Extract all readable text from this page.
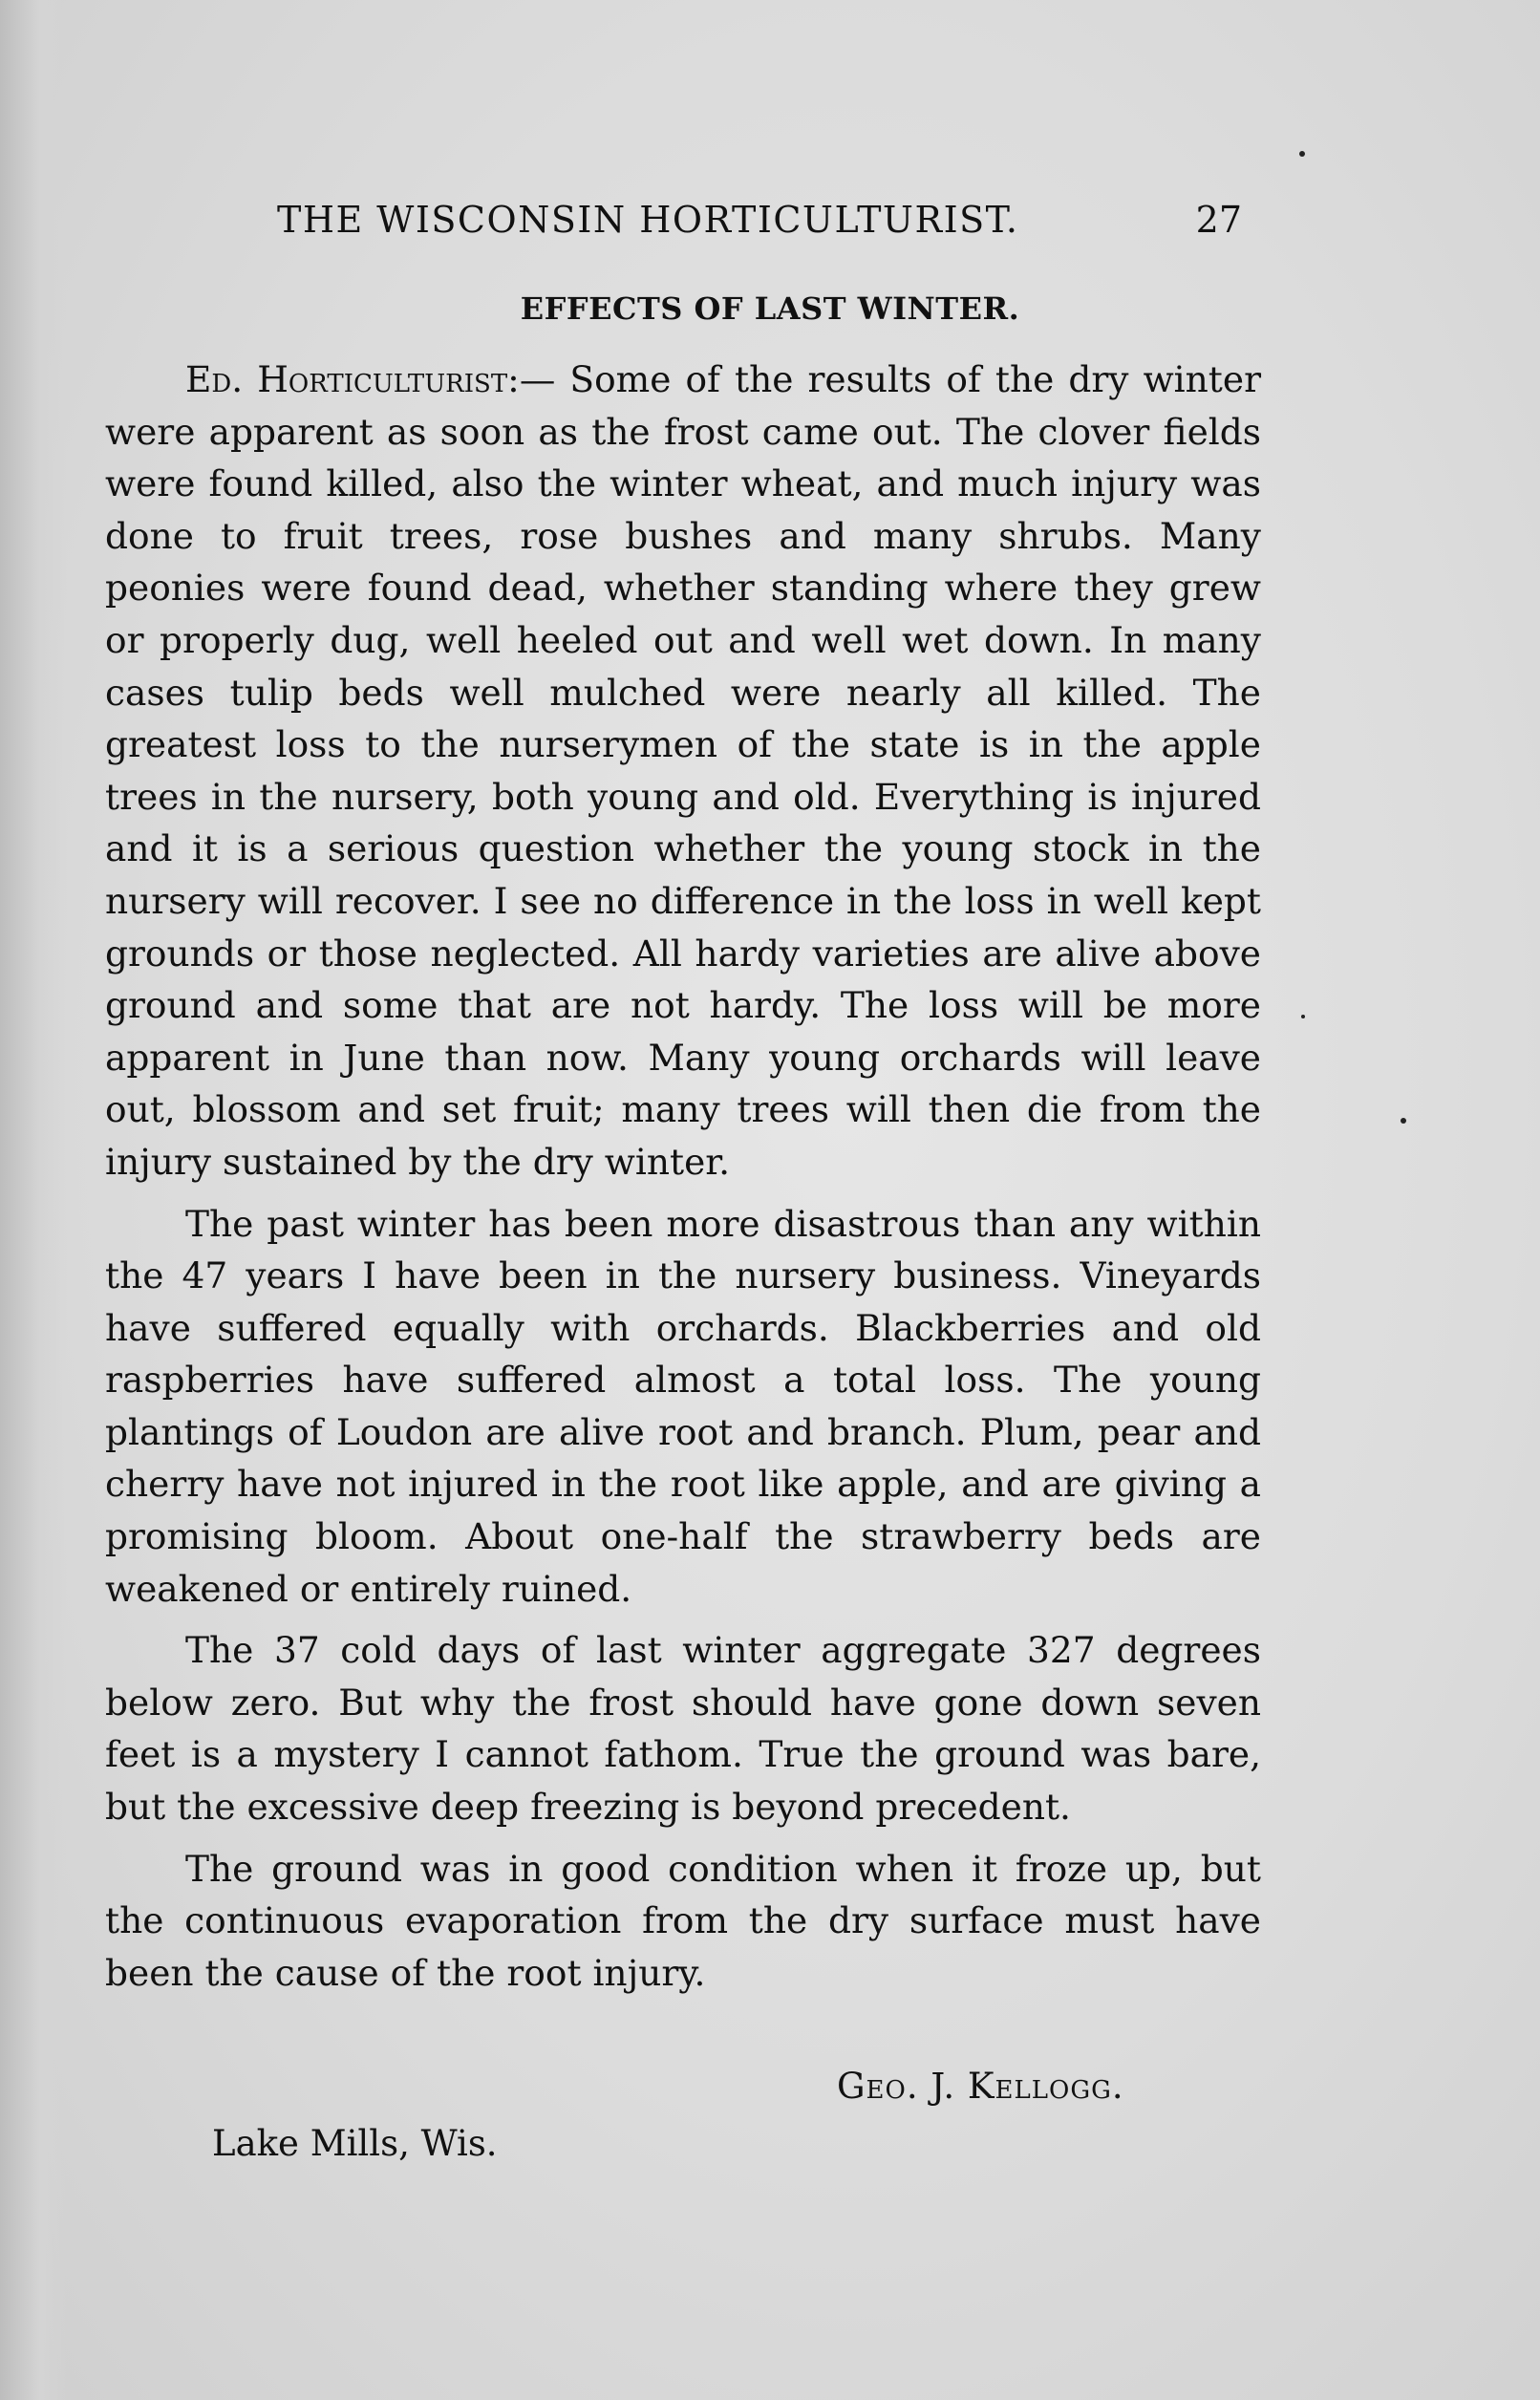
THE WISCONSIN HORTICULTURIST.	27
EFFECTS OF LAST WINTER.

Ed. Horticulturist:— Some of the results of the dry winter were apparent as soon as the frost came out. The clover fields were found killed, also the winter wheat, and much injury was done to fruit trees, rose bushes and many shrubs. Many peonies were found dead, whether standing where they grew or properly dug, well heeled out and well wet down. In many cases tulip beds well mulched were nearly all killed. The greatest loss to the nurserymen of the state is in the apple trees in the nursery, both young and old. Everything is injured and it is a serious question whether the young stock in the nursery will recover. I see no difference in the loss in well kept grounds or those neglected. All hardy varieties are alive above ground and some that are not hardy. The loss will be more apparent in June than now. Many young orchards will leave out, blossom and set fruit; many trees will then die from the injury sustained by the dry winter.

The past winter has been more disastrous than any within the 47 years I have been in the nursery business. Vineyards have suffered equally with orchards. Blackberries and old raspberries have suffered almost a total loss. The young plantings of Loudon are alive root and branch. Plum, pear and cherry have not injured in the root like apple, and are giving a promising bloom. About one-half the strawberry beds are weakened or entirely ruined.

The 37 cold days of last winter aggregate 327 degrees below zero. But why the frost should have gone down seven feet is a mystery I cannot fathom. True the ground was bare, but the excessive deep freezing is beyond precedent.

The ground was in good condition when it froze up, but the continuous evaporation from the dry surface must have been the cause of the root injury.

Geo. J. Kellogg.
Lake Mills, Wis.
